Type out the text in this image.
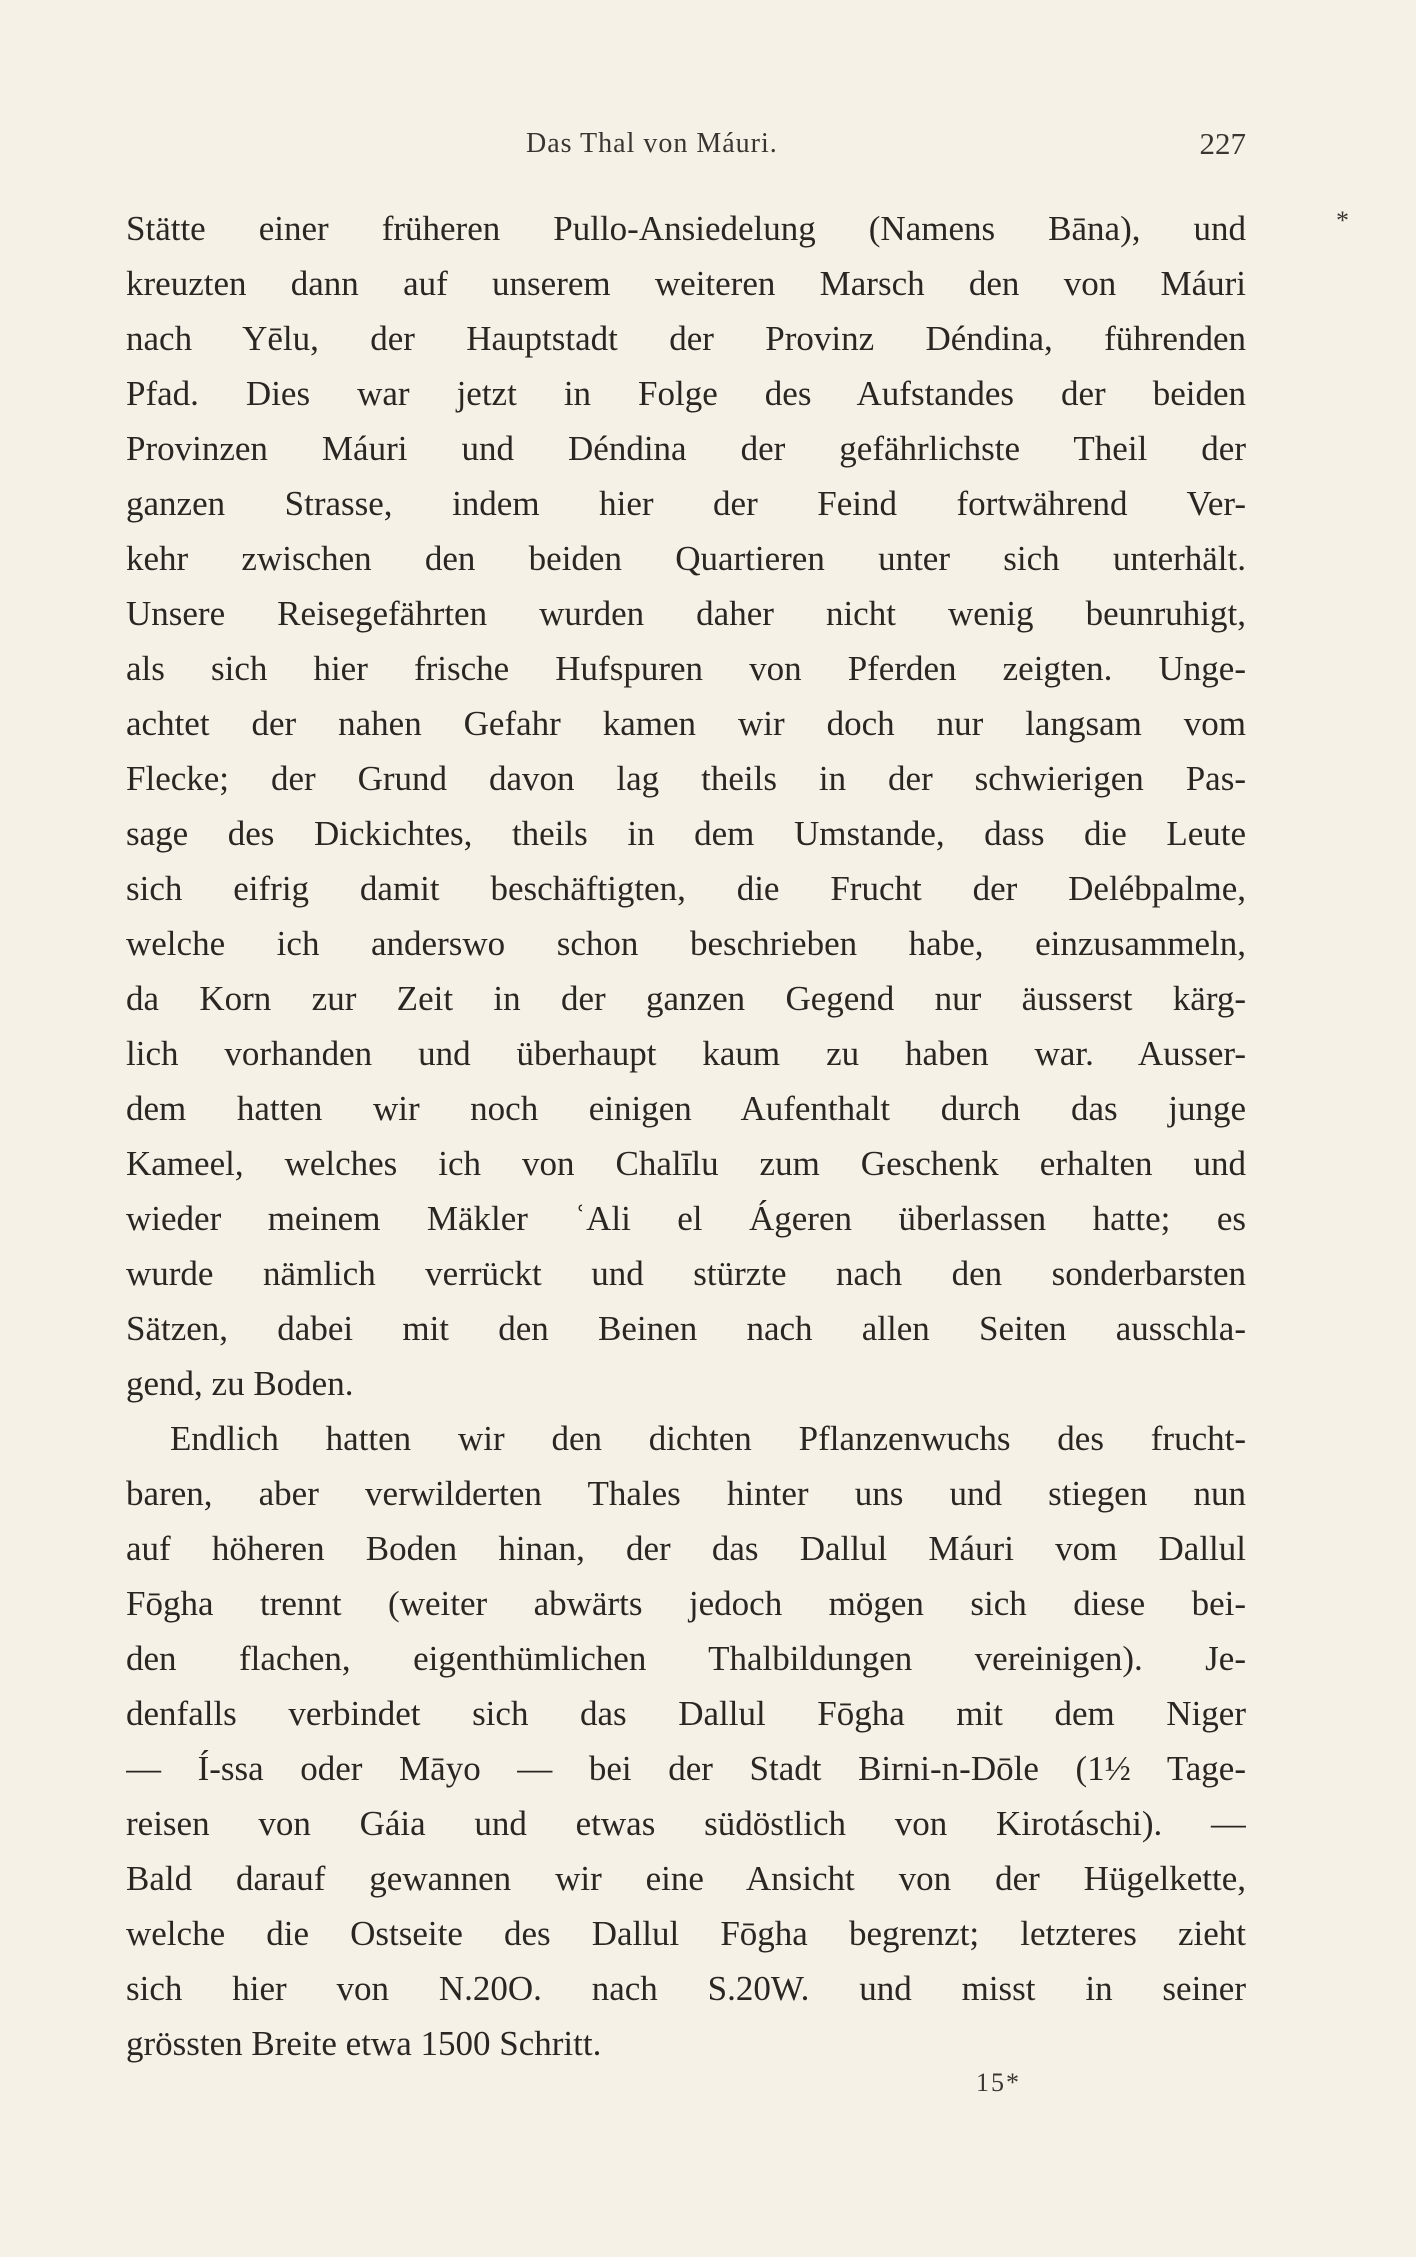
Das Thal von Máuri.	227
*
Stätte einer früheren Pullo-Ansiedelung (Namens Bāna), und
kreuzten dann auf unserem weiteren Marsch den von Máuri
nach Yēlu, der Hauptstadt der Provinz Déndina, führenden
Pfad. Dies war jetzt in Folge des Aufstandes der beiden
Provinzen Máuri und Déndina der gefährlichste Theil der
ganzen Strasse, indem hier der Feind fortwährend Ver-
kehr zwischen den beiden Quartieren unter sich unterhält.
Unsere Reisegefährten wurden daher nicht wenig beunruhigt,
als sich hier frische Hufspuren von Pferden zeigten. Unge-
achtet der nahen Gefahr kamen wir doch nur langsam vom
Flecke; der Grund davon lag theils in der schwierigen Pas-
sage des Dickichtes, theils in dem Umstande, dass die Leute
sich eifrig damit beschäftigten, die Frucht der Delébpalme,
welche ich anderswo schon beschrieben habe, einzusammeln,
da Korn zur Zeit in der ganzen Gegend nur äusserst kärg-
lich vorhanden und überhaupt kaum zu haben war. Ausser-
dem hatten wir noch einigen Aufenthalt durch das junge
Kameel, welches ich von Chalīlu zum Geschenk erhalten und
wieder meinem Mäkler ʿAli el Ágeren überlassen hatte; es
wurde nämlich verrückt und stürzte nach den sonderbarsten
Sätzen, dabei mit den Beinen nach allen Seiten ausschla-
gend, zu Boden.
Endlich hatten wir den dichten Pflanzenwuchs des frucht-
baren, aber verwilderten Thales hinter uns und stiegen nun
auf höheren Boden hinan, der das Dallul Máuri vom Dallul
Fōgha trennt (weiter abwärts jedoch mögen sich diese bei-
den flachen, eigenthümlichen Thalbildungen vereinigen). Je-
denfalls verbindet sich das Dallul Fōgha mit dem Niger
— Í-ssa oder Māyo — bei der Stadt Birni-n-Dōle (1½ Tage-
reisen von Gáia und etwas südöstlich von Kirotáschi). —
Bald darauf gewannen wir eine Ansicht von der Hügelkette,
welche die Ostseite des Dallul Fōgha begrenzt; letzteres zieht
sich hier von N.20O. nach S.20W. und misst in seiner
grössten Breite etwa 1500 Schritt.
15*
